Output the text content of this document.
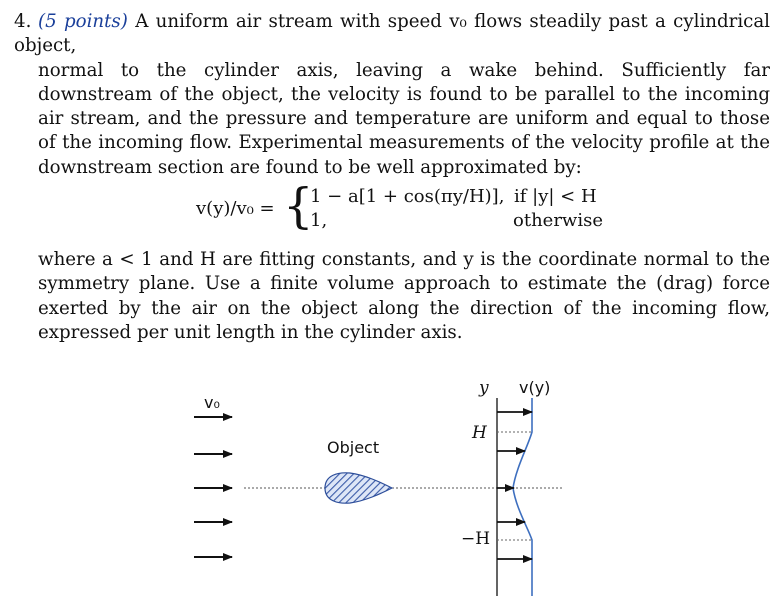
4. (5 points) A uniform air stream with speed v₀ flows steadily past a cylindrical object,
normal to the cylinder axis, leaving a wake behind. Sufficiently far downstream of the object, the velocity is found to be parallel to the incoming air stream, and the pressure and temperature are uniform and equal to those of the incoming flow. Experimental measurements of the velocity profile at the downstream section are found to be well approximated by:
v(y)/v₀ = {
1 − a[1 + cos(πy/H)],
1,
if |y| < H
otherwise
where a < 1 and H are fitting constants, and y is the coordinate normal to the symmetry plane. Use a finite volume approach to estimate the (drag) force exerted by the air on the object along the direction of the incoming flow, expressed per unit length in the cylinder axis.
v₀
Object
y v(y)
H
−H
